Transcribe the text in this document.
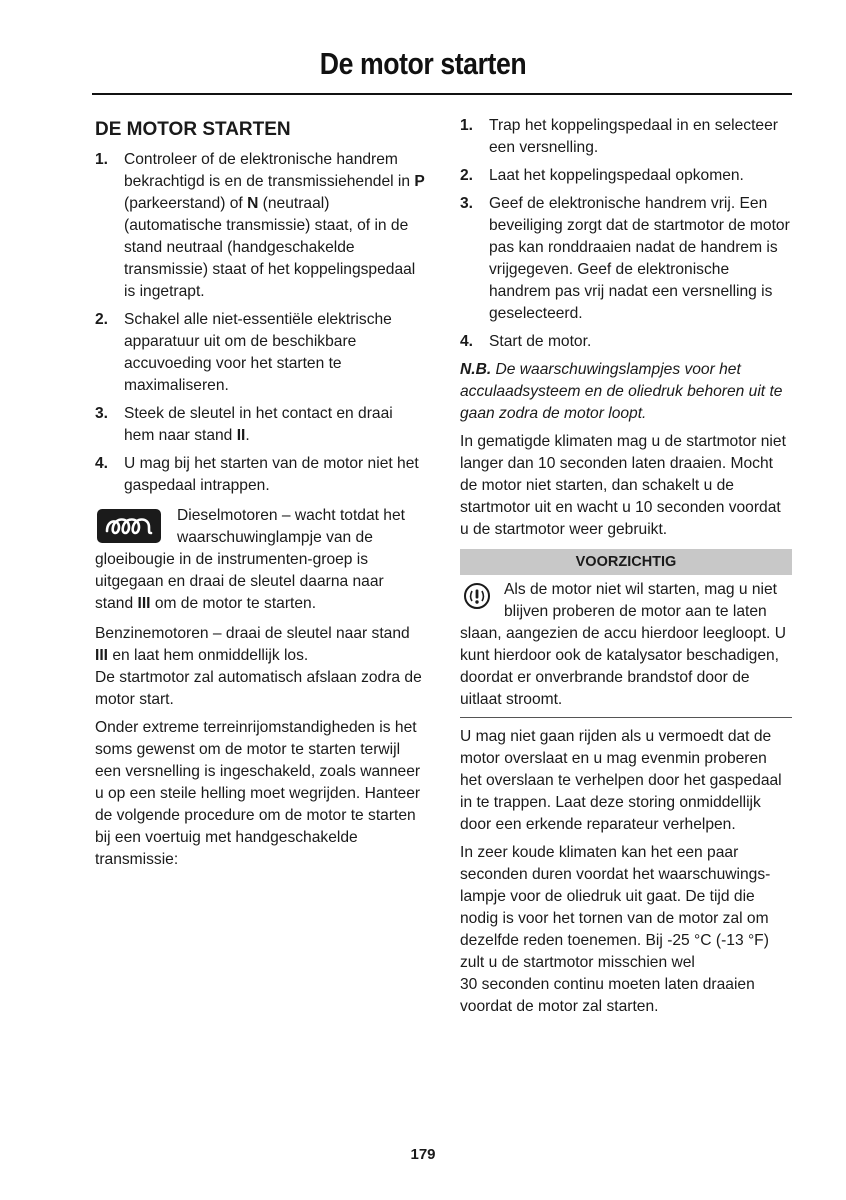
De motor starten
DE MOTOR STARTEN
1.	Controleer of de elektronische handrem bekrachtigd is en de transmissiehendel in P (parkeerstand) of N (neutraal) (automatische transmissie) staat, of in de stand neutraal (handgeschakelde transmissie) staat of het koppelingspedaal is ingetrapt.
2.	Schakel alle niet-essentiële elektrische apparatuur uit om de beschikbare accuvoeding voor het starten te maximaliseren.
3.	Steek de sleutel in het contact en draai hem naar stand II.
4.	U mag bij het starten van de motor niet het gaspedaal intrappen.
Dieselmotoren – wacht totdat het waarschuwinglampje van de gloeibougie in de instrumenten-groep is uitgegaan en draai de sleutel daarna naar stand III om de motor te starten.

Benzinemotoren – draai de sleutel naar stand III en laat hem onmiddellijk los.
De startmotor zal automatisch afslaan zodra de motor start.

Onder extreme terreinrijomstandigheden is het soms gewenst om de motor te starten terwijl een versnelling is ingeschakeld, zoals wanneer u op een steile helling moet wegrijden. Hanteer de volgende procedure om de motor te starten bij een voertuig met handgeschakelde transmissie:

1.	Trap het koppelingspedaal in en selecteer een versnelling.
2.	Laat het koppelingspedaal opkomen.
3.	Geef de elektronische handrem vrij. Een beveiliging zorgt dat de startmotor de motor pas kan ronddraaien nadat de handrem is vrijgegeven. Geef de elektronische handrem pas vrij nadat een versnelling is geselecteerd.
4.	Start de motor.

N.B. De waarschuwingslampjes voor het acculaadsysteem en de oliedruk behoren uit te gaan zodra de motor loopt.

In gematigde klimaten mag u de startmotor niet langer dan 10 seconden laten draaien. Mocht de motor niet starten, dan schakelt u de startmotor uit en wacht u 10 seconden voordat u de startmotor weer gebruikt.

VOORZICHTIG
Als de motor niet wil starten, mag u niet blijven proberen de motor aan te laten slaan, aangezien de accu hierdoor leegloopt. U kunt hierdoor ook de katalysator beschadigen, doordat er onverbrande brandstof door de uitlaat stroomt.

U mag niet gaan rijden als u vermoedt dat de motor overslaat en u mag evenmin proberen het overslaan te verhelpen door het gaspedaal in te trappen. Laat deze storing onmiddellijk door een erkende reparateur verhelpen.

In zeer koude klimaten kan het een paar seconden duren voordat het waarschuwings-lampje voor de oliedruk uit gaat. De tijd die nodig is voor het tornen van de motor zal om dezelfde reden toenemen. Bij -25 °C (-13 °F) zult u de startmotor misschien wel
30 seconden continu moeten laten draaien voordat de motor zal starten.

179
